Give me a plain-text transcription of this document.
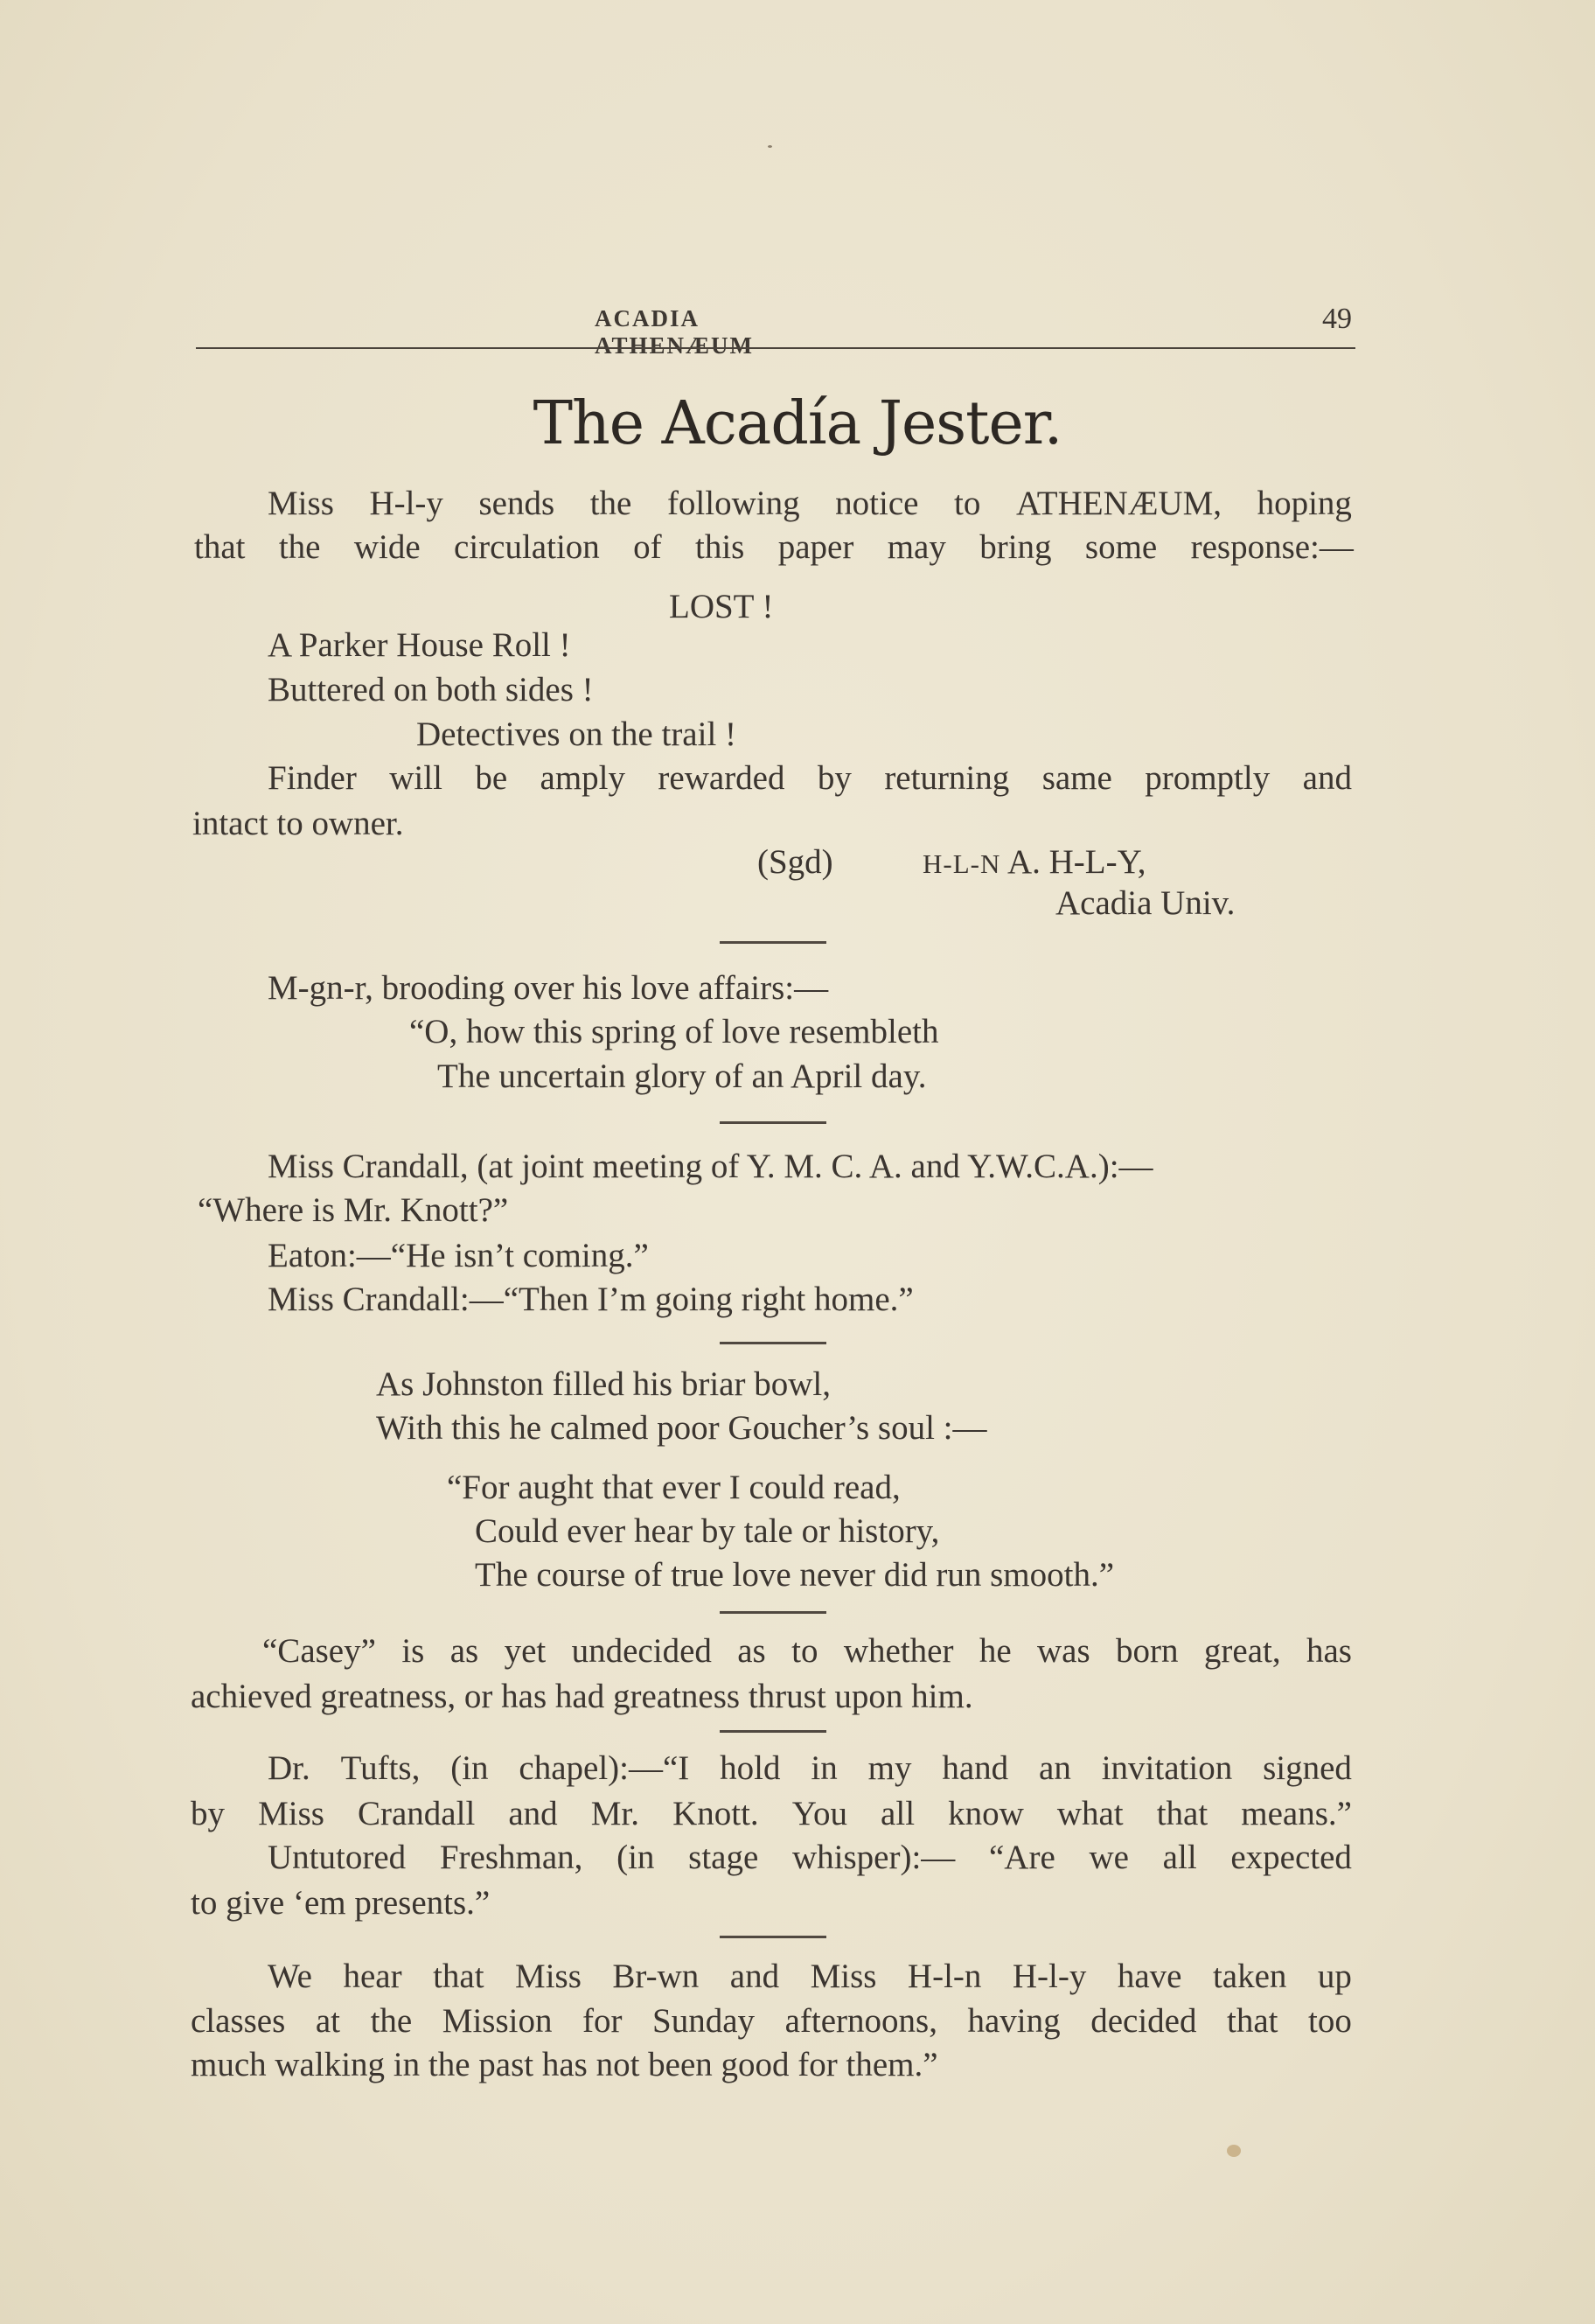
ACADIA ATHENÆUM
49
The Acadía Jester.
Miss H-l-y sends the following notice to ATHENÆUM, hoping
that the wide circulation of this paper may bring some response:—
LOST !
A Parker House Roll !
Buttered on both sides !
Detectives on the trail !
Finder will be amply rewarded by returning same promptly and
intact to owner.
(Sgd)	H-L-N A. H-L-Y,
Acadia Univ.
M-gn-r, brooding over his love affairs:—
“O, how this spring of love resembleth
The uncertain glory of an April day.
Miss Crandall, (at joint meeting of Y. M. C. A. and Y.W.C.A.):—
“Where is Mr. Knott?”
Eaton:—“He isn’t coming.”
Miss Crandall:—“Then I’m going right home.”
As Johnston filled his briar bowl,
With this he calmed poor Goucher’s soul :—
“For aught that ever I could read,
Could ever hear by tale or history,
The course of true love never did run smooth.”
“Casey” is as yet undecided as to whether he was born great, has
achieved greatness, or has had greatness thrust upon him.
Dr. Tufts, (in chapel):—“I hold in my hand an invitation signed
by Miss Crandall and Mr. Knott. You all know what that means.”
Untutored Freshman, (in stage whisper):— “Are we all expected
to give ‘em presents.”
We hear that Miss Br-wn and Miss H-l-n H-l-y have taken up
classes at the Mission for Sunday afternoons, having decided that too
much walking in the past has not been good for them.”
